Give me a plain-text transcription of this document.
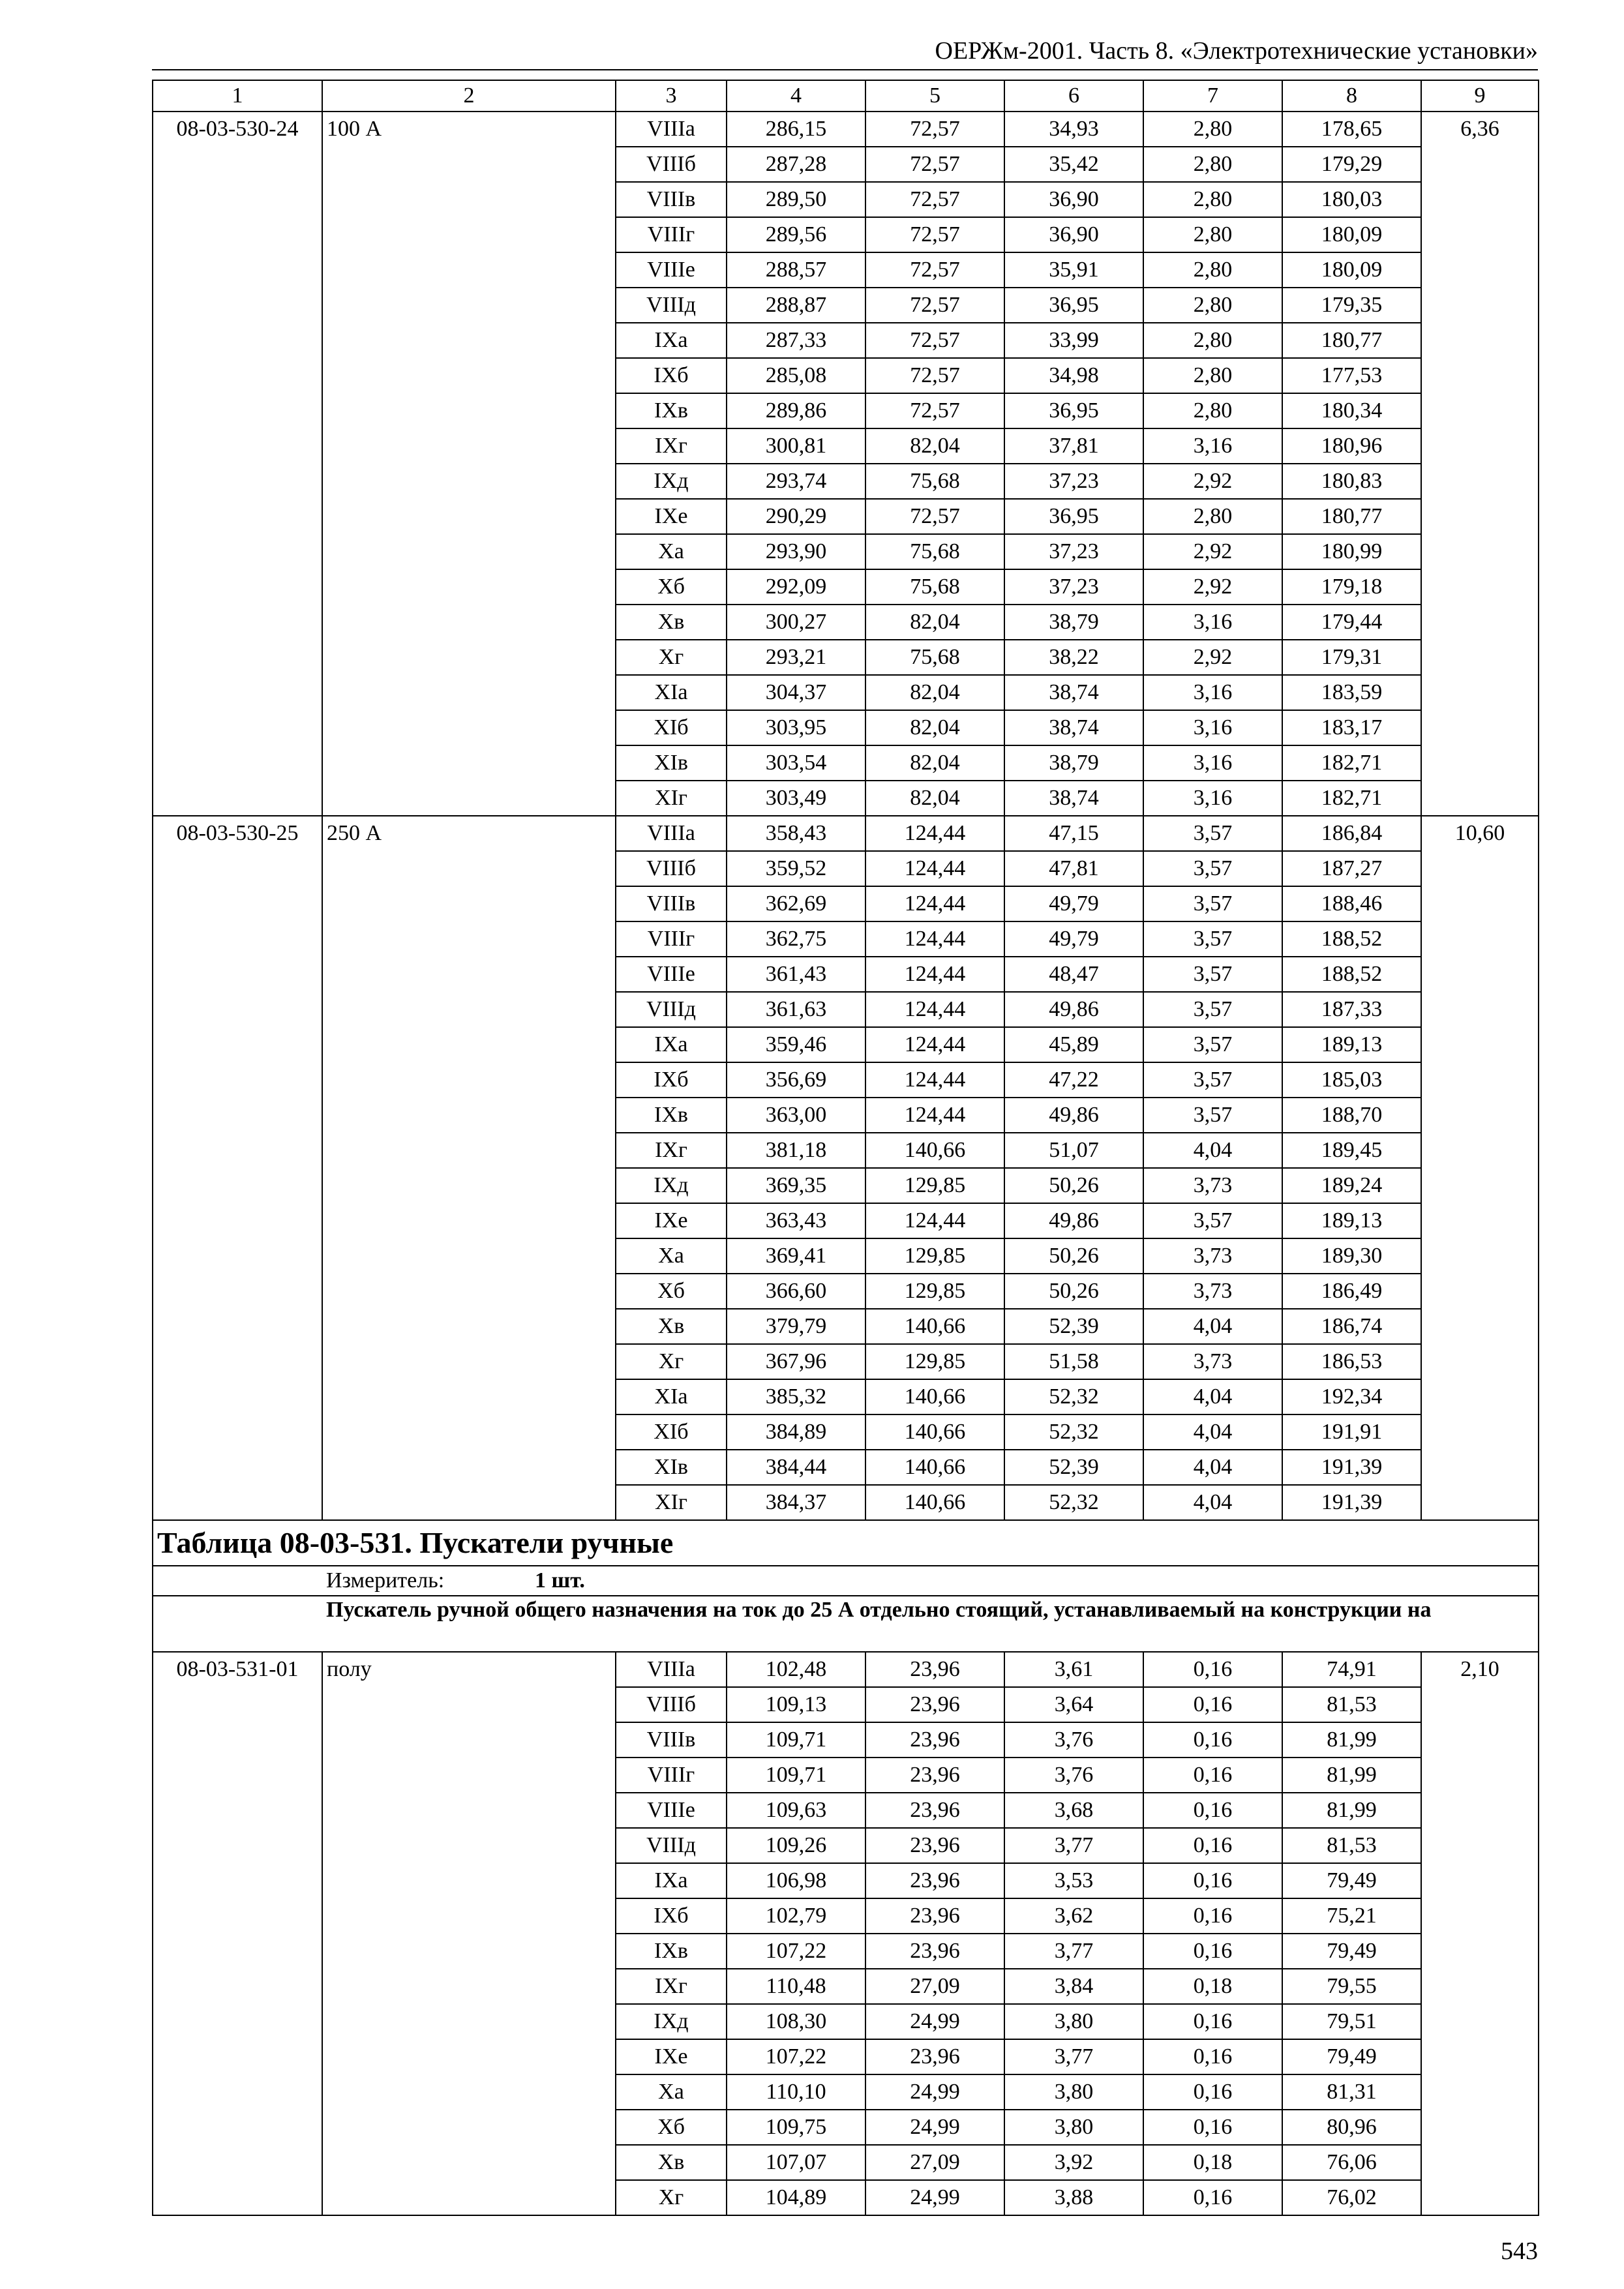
ОЕРЖм-2001. Часть 8. «Электротехнические установки»
1	2	3	4	5	6	7	8	9
08-03-530-24	100 А	VIIIа	286,15	72,57	34,93	2,80	178,65	6,36
		VIIIб	287,28	72,57	35,42	2,80	179,29	
		VIIIв	289,50	72,57	36,90	2,80	180,03	
		VIIIг	289,56	72,57	36,90	2,80	180,09	
		VIIIе	288,57	72,57	35,91	2,80	180,09	
		VIIIд	288,87	72,57	36,95	2,80	179,35	
		IXа	287,33	72,57	33,99	2,80	180,77	
		IXб	285,08	72,57	34,98	2,80	177,53	
		IXв	289,86	72,57	36,95	2,80	180,34	
		IXг	300,81	82,04	37,81	3,16	180,96	
		IXд	293,74	75,68	37,23	2,92	180,83	
		IXе	290,29	72,57	36,95	2,80	180,77	
		Xа	293,90	75,68	37,23	2,92	180,99	
		Xб	292,09	75,68	37,23	2,92	179,18	
		Xв	300,27	82,04	38,79	3,16	179,44	
		Xг	293,21	75,68	38,22	2,92	179,31	
		XIа	304,37	82,04	38,74	3,16	183,59	
		XIб	303,95	82,04	38,74	3,16	183,17	
		XIв	303,54	82,04	38,79	3,16	182,71	
		XIг	303,49	82,04	38,74	3,16	182,71	
08-03-530-25	250 А	VIIIа	358,43	124,44	47,15	3,57	186,84	10,60
		VIIIб	359,52	124,44	47,81	3,57	187,27	
		VIIIв	362,69	124,44	49,79	3,57	188,46	
		VIIIг	362,75	124,44	49,79	3,57	188,52	
		VIIIе	361,43	124,44	48,47	3,57	188,52	
		VIIIд	361,63	124,44	49,86	3,57	187,33	
		IXа	359,46	124,44	45,89	3,57	189,13	
		IXб	356,69	124,44	47,22	3,57	185,03	
		IXв	363,00	124,44	49,86	3,57	188,70	
		IXг	381,18	140,66	51,07	4,04	189,45	
		IXд	369,35	129,85	50,26	3,73	189,24	
		IXе	363,43	124,44	49,86	3,57	189,13	
		Xа	369,41	129,85	50,26	3,73	189,30	
		Xб	366,60	129,85	50,26	3,73	186,49	
		Xв	379,79	140,66	52,39	4,04	186,74	
		Xг	367,96	129,85	51,58	3,73	186,53	
		XIа	385,32	140,66	52,32	4,04	192,34	
		XIб	384,89	140,66	52,32	4,04	191,91	
		XIв	384,44	140,66	52,39	4,04	191,39	
		XIг	384,37	140,66	52,32	4,04	191,39	
Таблица 08-03-531. Пускатели ручные								
Измеритель: 1 шт.								
Пускатель ручной общего назначения на ток до 25 А отдельно стоящий, устанавливаемый на конструкции на								
08-03-531-01	полу	VIIIа	102,48	23,96	3,61	0,16	74,91	2,10
		VIIIб	109,13	23,96	3,64	0,16	81,53	
		VIIIв	109,71	23,96	3,76	0,16	81,99	
		VIIIг	109,71	23,96	3,76	0,16	81,99	
		VIIIе	109,63	23,96	3,68	0,16	81,99	
		VIIIд	109,26	23,96	3,77	0,16	81,53	
		IXа	106,98	23,96	3,53	0,16	79,49	
		IXб	102,79	23,96	3,62	0,16	75,21	
		IXв	107,22	23,96	3,77	0,16	79,49	
		IXг	110,48	27,09	3,84	0,18	79,55	
		IXд	108,30	24,99	3,80	0,16	79,51	
		IXе	107,22	23,96	3,77	0,16	79,49	
		Xа	110,10	24,99	3,80	0,16	81,31	
		Xб	109,75	24,99	3,80	0,16	80,96	
		Xв	107,07	27,09	3,92	0,18	76,06	
		Xг	104,89	24,99	3,88	0,16	76,02	
543
